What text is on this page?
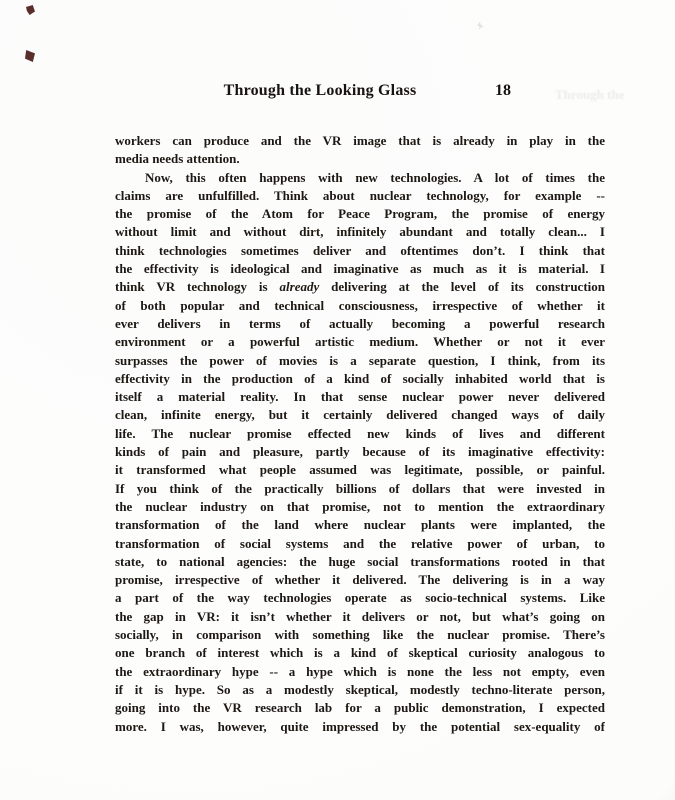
Through the Looking Glass	18	Through the
workers can produce and the VR image that is already in play in the
media needs attention.
Now, this often happens with new technologies. A lot of times the
claims are unfulfilled. Think about nuclear technology, for example --
the promise of the Atom for Peace Program, the promise of energy
without limit and without dirt, infinitely abundant and totally clean... I
think technologies sometimes deliver and oftentimes don’t. I think that
the effectivity is ideological and imaginative as much as it is material. I
think VR technology is already delivering at the level of its construction
of both popular and technical consciousness, irrespective of whether it
ever delivers in terms of actually becoming a powerful research
environment or a powerful artistic medium. Whether or not it ever
surpasses the power of movies is a separate question, I think, from its
effectivity in the production of a kind of socially inhabited world that is
itself a material reality. In that sense nuclear power never delivered
clean, infinite energy, but it certainly delivered changed ways of daily
life. The nuclear promise effected new kinds of lives and different
kinds of pain and pleasure, partly because of its imaginative effectivity:
it transformed what people assumed was legitimate, possible, or painful.
If you think of the practically billions of dollars that were invested in
the nuclear industry on that promise, not to mention the extraordinary
transformation of the land where nuclear plants were implanted, the
transformation of social systems and the relative power of urban, to
state, to national agencies: the huge social transformations rooted in that
promise, irrespective of whether it delivered. The delivering is in a way
a part of the way technologies operate as socio-technical systems. Like
the gap in VR: it isn’t whether it delivers or not, but what’s going on
socially, in comparison with something like the nuclear promise. There’s
one branch of interest which is a kind of skeptical curiosity analogous to
the extraordinary hype -- a hype which is none the less not empty, even
if it is hype. So as a modestly skeptical, modestly techno-literate person,
going into the VR research lab for a public demonstration, I expected
more. I was, however, quite impressed by the potential sex-equality of
